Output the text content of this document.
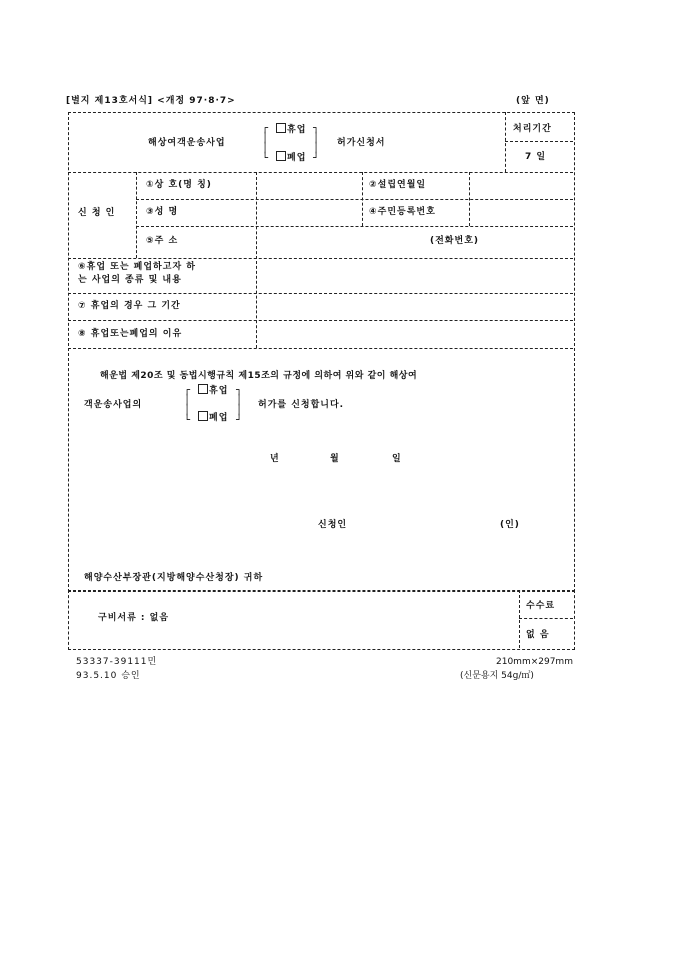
[별지 제13호서식] <개정 97·8·7>	(앞 면)
해상여객운송사업
┌
│
│
└
┐
│
│
┘
휴업
폐업
허가신청서
처리기간
7 일
신 청 인
①상 호(명 칭)	②설립연월일
③성 명	④주민등록번호
⑤주 소	(전화번호)
⑥휴업 또는 폐업하고자 하
는 사업의 종류 및 내용
⑦ 휴업의 경우 그 기간
⑧ 휴업또는폐업의 이유
해운법 제20조 및 동법시행규칙 제15조의 규정에 의하여 위와 같이 해상여
객운송사업의
┌
│
│
└
┐
│
│
┘
휴업
폐업
허가를 신청합니다.
년	월	일
신청인	(인)
해양수산부장관(지방해양수산청장) 귀하
구비서류 : 없음
수수료
없 음
53337-39111민
93.5.10 승인
210mm×297mm
(신문용지 54g/㎡)
